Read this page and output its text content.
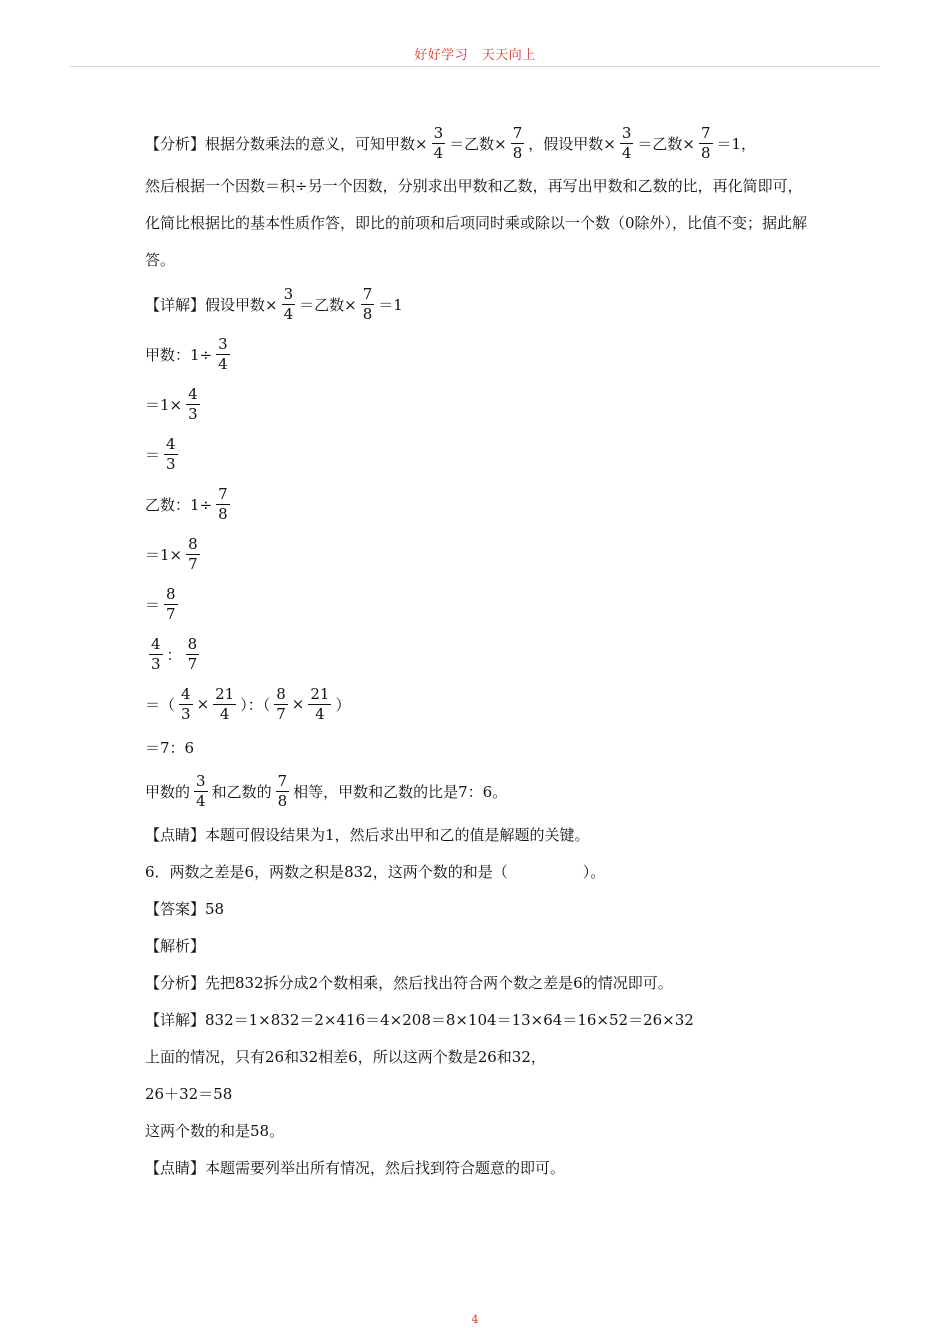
好好学习　天天向上
【分析】根据分数乘法的意义，可知甲数× $\frac{3}{4}$ ＝乙数× $\frac{7}{8}$ ，假设甲数× $\frac{3}{4}$ ＝乙数× $\frac{7}{8} =1$，
然后根据一个因数＝积÷另一个因数，分别求出甲数和乙数，再写出甲数和乙数的比，再化简即可，化简比根据比的基本性质作答，即比的前项和后项同时乘或除以一个数（0除外），比值不变；据此解答。
【详解】假设甲数× $\frac{3}{4}$ ＝乙数× $\frac{7}{8} =1$
甲数：$1\div \frac{3}{4}$
$=1\times \frac{4}{3}$
＝ $\frac{4}{3}$
乙数：$1\div \frac{7}{8}$
$=1\times \frac{8}{7}$
＝ $\frac{8}{7}$
$\frac{4}{3}$ ： $\frac{8}{7}$
＝（ $\frac{4}{3} \times \frac{21}{4}$ ）：（ $\frac{8}{7} \times \frac{21}{4}$ ）
＝7：6
甲数的 $\frac{3}{4}$ 和乙数的 $\frac{7}{8}$ 相等，甲数和乙数的比是7：6。
【点睛】本题可假设结果为1，然后求出甲和乙的值是解题的关键。
6．两数之差是6，两数之积是832，这两个数的和是（　　　　　）。
【答案】58
【解析】
【分析】先把832拆分成2个数相乘，然后找出符合两个数之差是6的情况即可。
【详解】832＝1×832＝2×416＝4×208＝8×104＝13×64＝16×52＝26×32
上面的情况，只有26和32相差6，所以这两个数是26和32，
26＋32＝58
这两个数的和是58。
【点睛】本题需要列举出所有情况，然后找到符合题意的即可。
4
